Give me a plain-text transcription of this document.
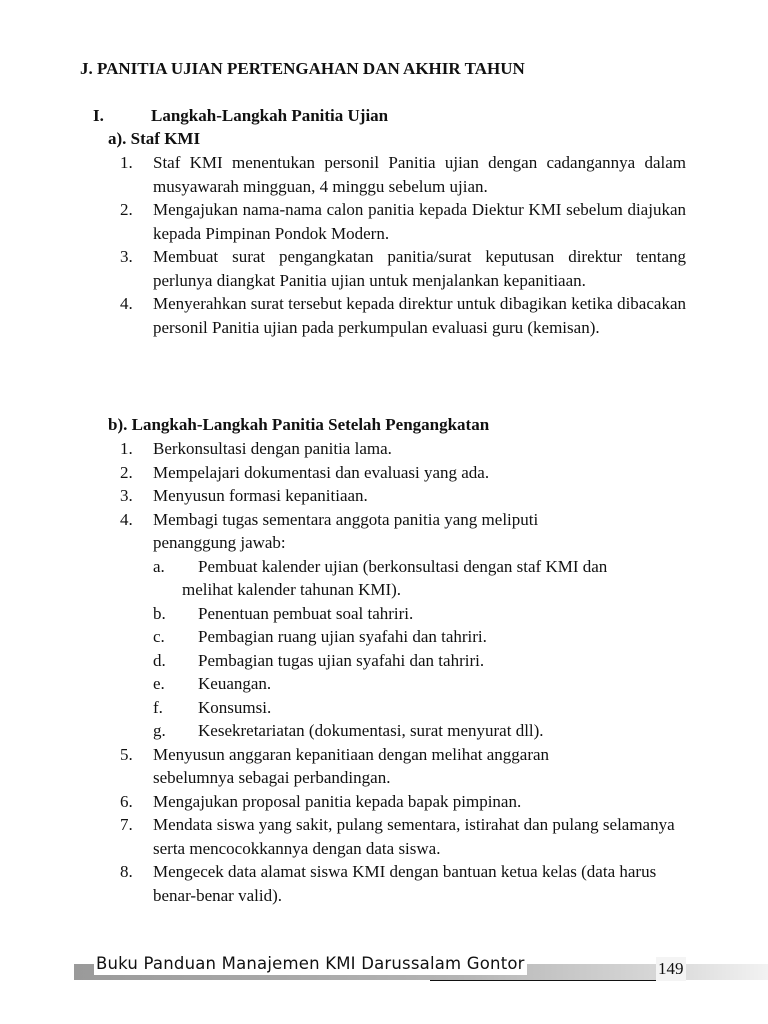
J. PANITIA UJIAN PERTENGAHAN DAN AKHIR TAHUN
I.	Langkah-Langkah Panitia Ujian
a). Staf KMI
1.	Staf KMI menentukan personil Panitia ujian dengan cadangannya dalam musyawarah mingguan, 4 minggu sebelum ujian.
2.	Mengajukan nama-nama calon panitia kepada Diektur KMI sebelum diajukan kepada Pimpinan Pondok Modern.
3.	Membuat surat pengangkatan panitia/surat keputusan direktur tentang perlunya diangkat Panitia ujian untuk menjalankan kepanitiaan.
4.	Menyerahkan surat tersebut kepada direktur untuk dibagikan ketika dibacakan personil Panitia ujian pada perkumpulan evaluasi guru (kemisan).
b). Langkah-Langkah Panitia Setelah Pengangkatan
1.	Berkonsultasi dengan panitia lama.
2.	Mempelajari dokumentasi dan evaluasi yang ada.
3.	Menyusun formasi kepanitiaan.
4.	Membagi tugas sementara anggota panitia yang meliputi penanggung jawab:
a. Pembuat kalender ujian (berkonsultasi dengan staf KMI dan
melihat kalender tahunan KMI).
b. Penentuan pembuat soal tahriri.
c. Pembagian ruang ujian syafahi dan tahriri.
d. Pembagian tugas ujian syafahi dan tahriri.
e. Keuangan.
f. Konsumsi.
g. Kesekretariatan (dokumentasi, surat menyurat dll).
5.	Menyusun anggaran kepanitiaan dengan melihat anggaran sebelumnya sebagai perbandingan.
6.	Mengajukan proposal panitia kepada bapak pimpinan.
7.	Mendata siswa yang sakit, pulang sementara, istirahat dan pulang selamanya serta mencocokkannya dengan data siswa.
8.	Mengecek data alamat siswa KMI dengan bantuan ketua kelas (data harus benar-benar valid).
Buku Panduan Manajemen KMI Darussalam Gontor	149
